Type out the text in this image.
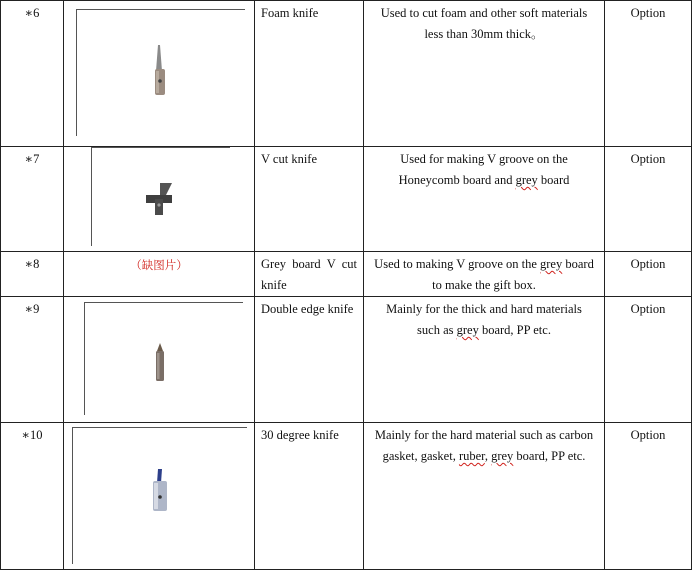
∗6		Foam knife	Used to cut foam and other soft materials less than 30mm thick。	Option
∗7		V cut knife	Used for making V groove on the Honeycomb board and grey board	Option
∗8	（缺图片）	Grey board V cut knife	Used to making V groove on the grey board to make the gift box.	Option
∗9		Double edge knife	Mainly for the thick and hard materials such as grey board, PP etc.	Option
∗10		30 degree knife	Mainly for the hard material such as carbon gasket, gasket, ruber, grey board, PP etc.	Option
